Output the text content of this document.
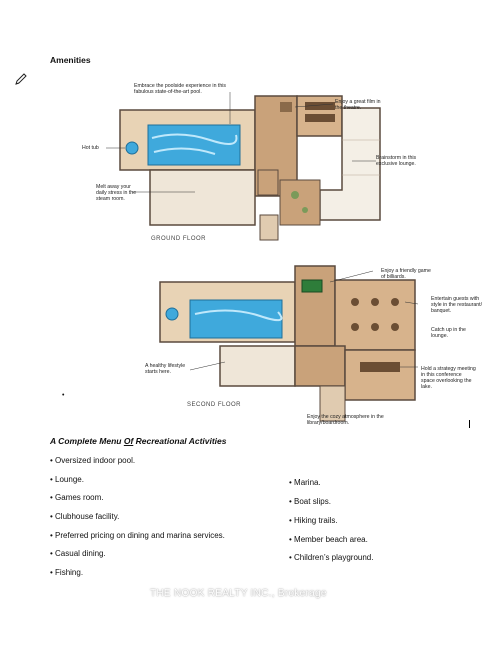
Amenities
Embrace the poolside experience in this fabulous state-of-the-art pool.
Enjoy a great film in the theatre.
Hot tub
Brainstorm in this exclusive lounge.
Melt away your daily stress in the steam room.
GROUND FLOOR
Enjoy a friendly game of billiards.
Entertain guests with style in the restaurant/ banquet.
Catch up in the lounge.
A healthy lifestyle starts here.	Hold a strategy meeting in this conference space overlooking the lake.
Enjoy the cozy atmosphere in the library/boardroom.
SECOND FLOOR
•
A Complete Menu Of Recreational Activities
• Oversized indoor pool.
• Lounge.
• Games room.
• Clubhouse facility.
• Preferred pricing on dining and marina services.
• Casual dining.
• Fishing.
• Marina.
• Boat slips.
• Hiking trails.
• Member beach area.
• Children’s playground.
THE NOOK REALTY INC., Brokerage
